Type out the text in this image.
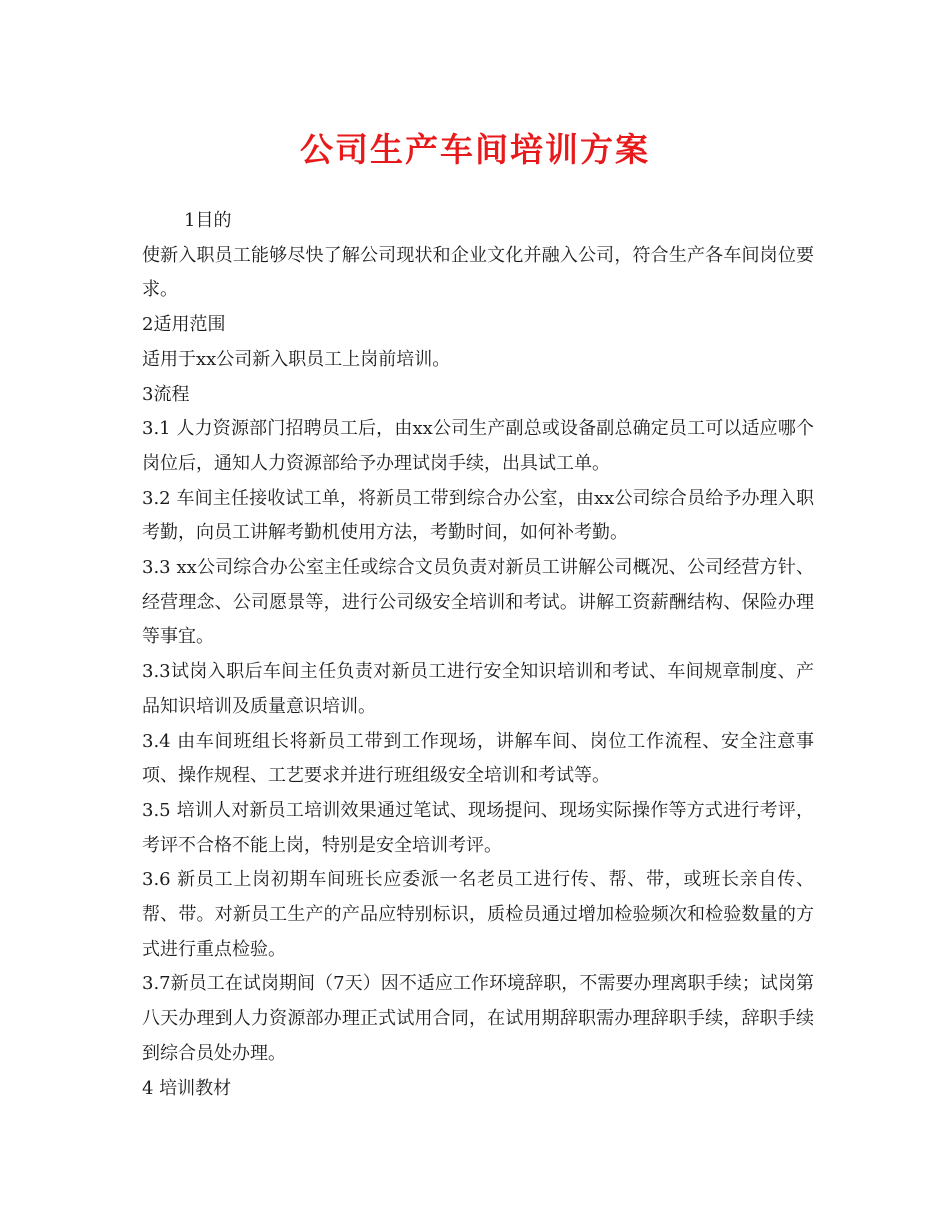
公司生产车间培训方案

1目的

使新入职员工能够尽快了解公司现状和企业文化并融入公司，符合生产各车间岗位要求。

2适用范围

适用于xx公司新入职员工上岗前培训。

3流程

3.1 人力资源部门招聘员工后，由xx公司生产副总或设备副总确定员工可以适应哪个岗位后，通知人力资源部给予办理试岗手续，出具试工单。

3.2 车间主任接收试工单，将新员工带到综合办公室，由xx公司综合员给予办理入职考勤，向员工讲解考勤机使用方法，考勤时间，如何补考勤。

3.3 xx公司综合办公室主任或综合文员负责对新员工讲解公司概况、公司经营方针、经营理念、公司愿景等，进行公司级安全培训和考试。讲解工资薪酬结构、保险办理等事宜。

3.3试岗入职后车间主任负责对新员工进行安全知识培训和考试、车间规章制度、产品知识培训及质量意识培训。

3.4 由车间班组长将新员工带到工作现场，讲解车间、岗位工作流程、安全注意事项、操作规程、工艺要求并进行班组级安全培训和考试等。

3.5 培训人对新员工培训效果通过笔试、现场提问、现场实际操作等方式进行考评，考评不合格不能上岗，特别是安全培训考评。

3.6 新员工上岗初期车间班长应委派一名老员工进行传、帮、带，或班长亲自传、帮、带。对新员工生产的产品应特别标识，质检员通过增加检验频次和检验数量的方式进行重点检验。

3.7新员工在试岗期间（7天）因不适应工作环境辞职，不需要办理离职手续；试岗第八天办理到人力资源部办理正式试用合同，在试用期辞职需办理辞职手续，辞职手续到综合员处办理。

4 培训教材
